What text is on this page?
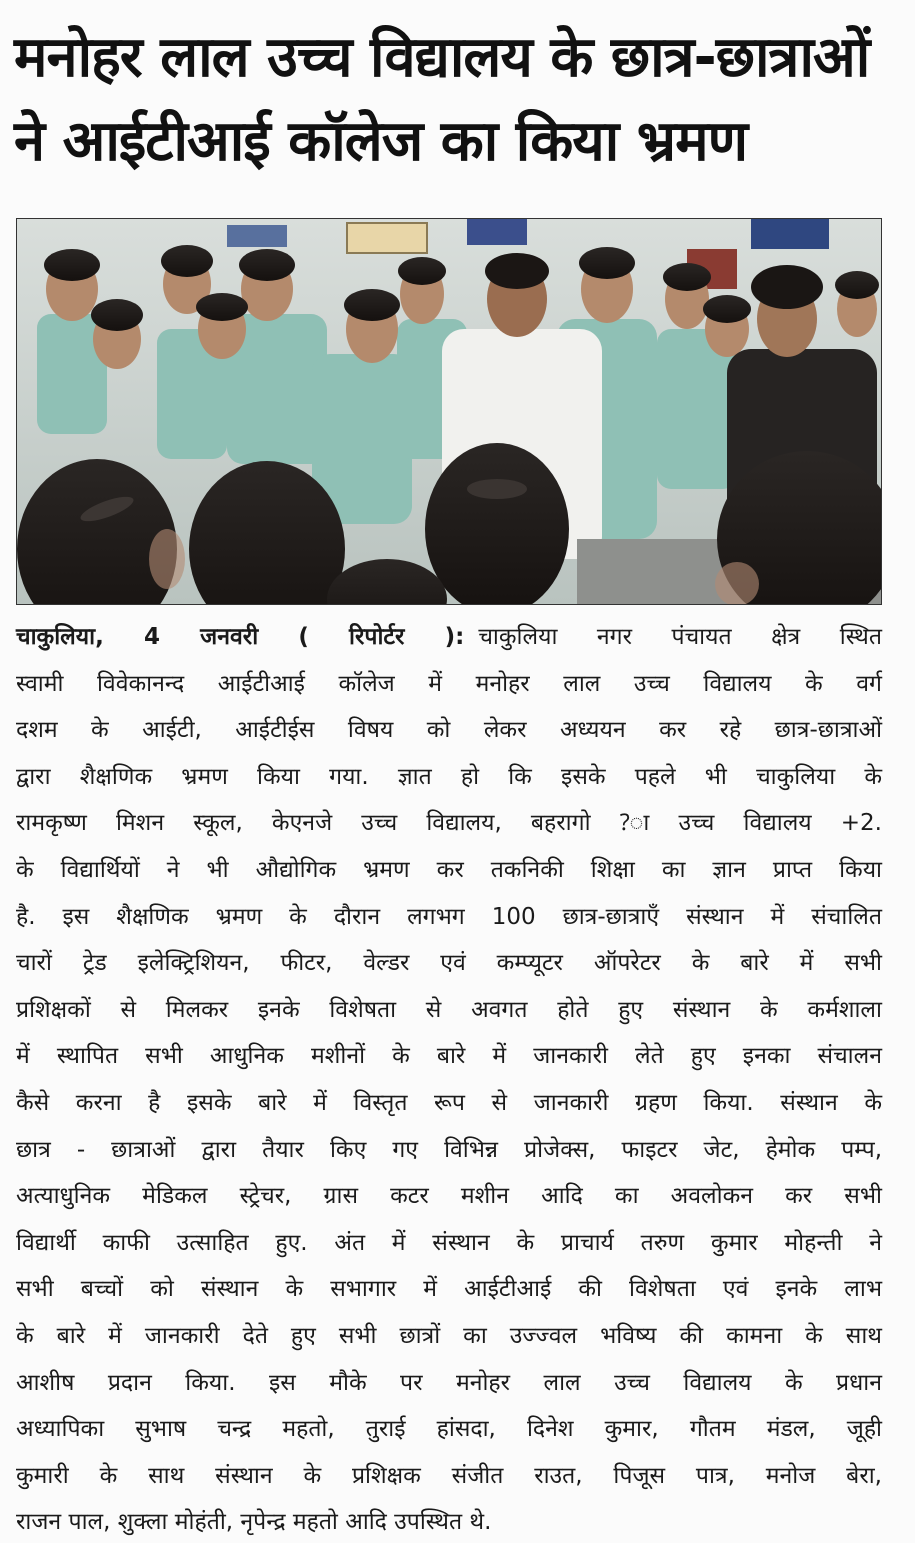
मनोहर लाल उच्च विद्यालय के छात्र-छात्राओं
ने आईटीआई कॉलेज का किया भ्रमण
चाकुलिया, 4 जनवरी ( रिपोर्टर ): चाकुलिया नगर पंचायत क्षेत्र स्थित
स्वामी विवेकानन्द आईटीआई कॉलेज में मनोहर लाल उच्च विद्यालय के वर्ग
दशम के आईटी, आईटीईस विषय को लेकर अध्ययन कर रहे छात्र-छात्राओं
द्वारा शैक्षणिक भ्रमण किया गया. ज्ञात हो कि इसके पहले भी चाकुलिया के
रामकृष्ण मिशन स्कूल, केएनजे उच्च विद्यालय, बहरागो ?ा उच्च विद्यालय +2.
के विद्यार्थियों ने भी औद्योगिक भ्रमण कर तकनिकी शिक्षा का ज्ञान प्राप्त किया
है. इस शैक्षणिक भ्रमण के दौरान लगभग 100 छात्र-छात्राएँ संस्थान में संचालित
चारों ट्रेड इलेक्ट्रिशियन, फीटर, वेल्डर एवं कम्प्यूटर ऑपरेटर के बारे में सभी
प्रशिक्षकों से मिलकर इनके विशेषता से अवगत होते हुए संस्थान के कर्मशाला
में स्थापित सभी आधुनिक मशीनों के बारे में जानकारी लेते हुए इनका संचालन
कैसे करना है इसके बारे में विस्तृत रूप से जानकारी ग्रहण किया. संस्थान के
छात्र - छात्राओं द्वारा तैयार किए गए विभिन्न प्रोजेक्स, फाइटर जेट, हेमोक पम्प,
अत्याधुनिक मेडिकल स्ट्रेचर, ग्रास कटर मशीन आदि का अवलोकन कर सभी
विद्यार्थी काफी उत्साहित हुए. अंत में संस्थान के प्राचार्य तरुण कुमार मोहन्ती ने
सभी बच्चों को संस्थान के सभागार में आईटीआई की विशेषता एवं इनके लाभ
के बारे में जानकारी देते हुए सभी छात्रों का उज्ज्वल भविष्य की कामना के साथ
आशीष प्रदान किया. इस मौके पर मनोहर लाल उच्च विद्यालय के प्रधान
अध्यापिका सुभाष चन्द्र महतो, तुराई हांसदा, दिनेश कुमार, गौतम मंडल, जूही
कुमारी के साथ संस्थान के प्रशिक्षक संजीत राउत, पिजूस पात्र, मनोज बेरा,
राजन पाल, शुक्ला मोहंती, नृपेन्द्र महतो आदि उपस्थित थे.
